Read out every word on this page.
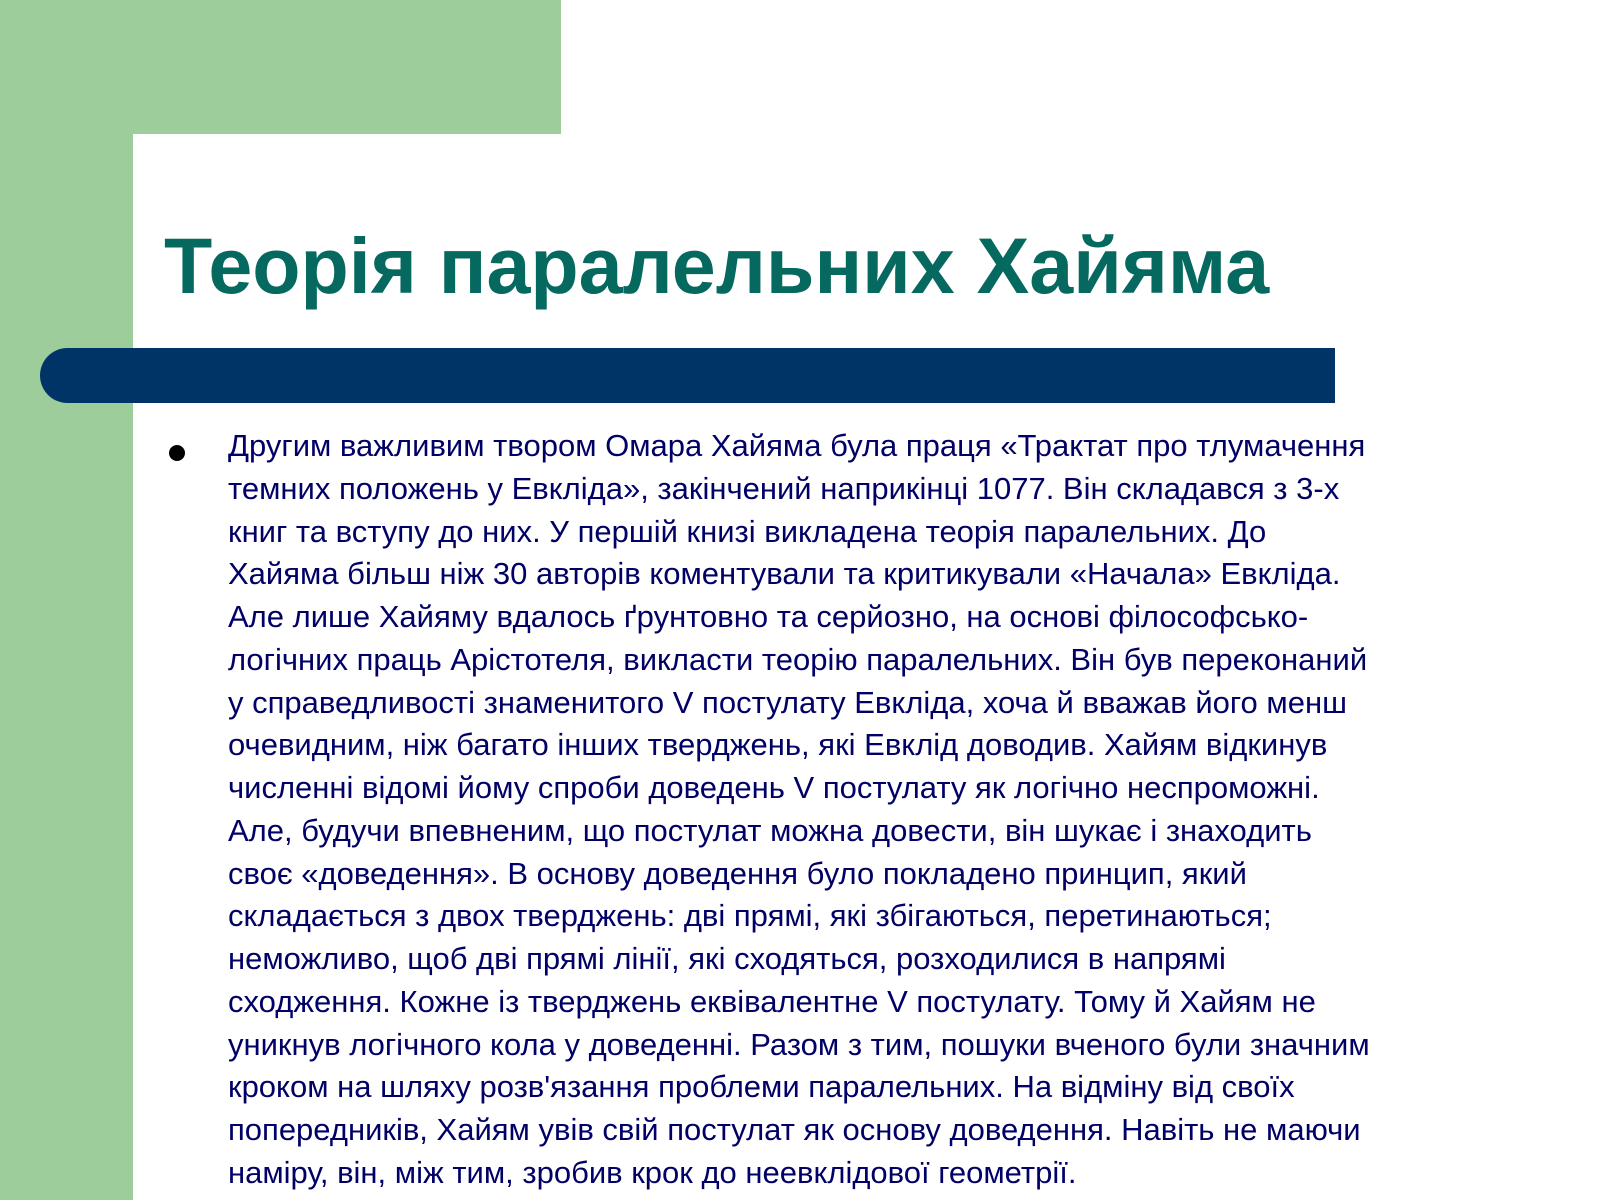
Теорія паралельних Хайяма

Другим важливим твором Омара Хайяма була праця «Трактат про тлумачення
темних положень у Евкліда», закінчений наприкінці 1077. Він складався з 3-х
книг та вступу до них. У першій книзі викладена теорія паралельних. До
Хайяма більш ніж 30 авторів коментували та критикували «Начала» Евкліда.
Але лише Хайяму вдалось ґрунтовно та серйозно, на основі філософсько-
логічних праць Арістотеля, викласти теорію паралельних. Він був переконаний
у справедливості знаменитого V постулату Евкліда, хоча й вважав його менш
очевидним, ніж багато інших тверджень, які Евклід доводив. Хайям відкинув
численні відомі йому спроби доведень V постулату як логічно неспроможні.
Але, будучи впевненим, що постулат можна довести, він шукає і знаходить
своє «доведення». В основу доведення було покладено принцип, який
складається з двох тверджень: дві прямі, які збігаються, перетинаються;
неможливо, щоб дві прямі лінії, які сходяться, розходилися в напрямі
сходження. Кожне із тверджень еквівалентне V постулату. Тому й Хайям не
уникнув логічного кола у доведенні. Разом з тим, пошуки вченого були значним
кроком на шляху розв'язання проблеми паралельних. На відміну від своїх
попередників, Хайям увів свій постулат як основу доведення. Навіть не маючи
наміру, він, між тим, зробив крок до неевклідової геометрії.
